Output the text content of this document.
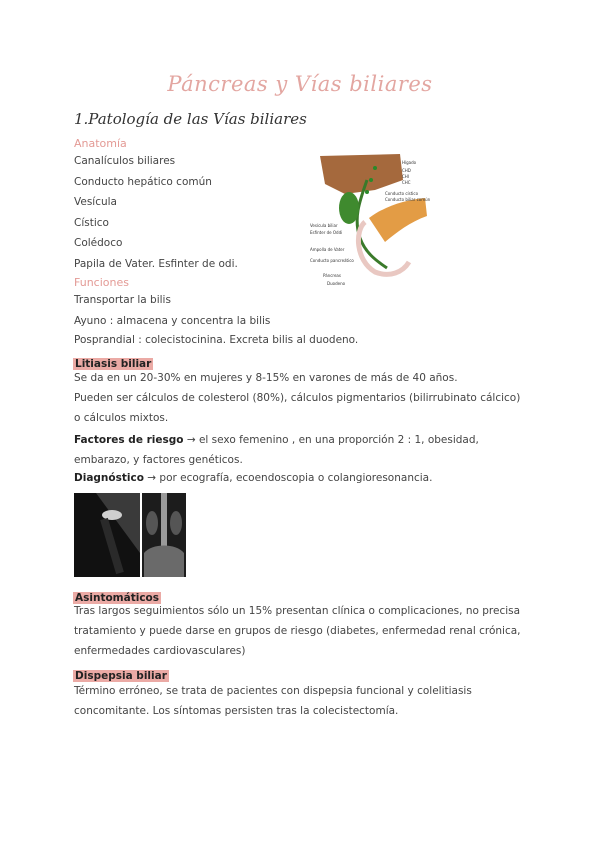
Páncreas y Vías biliares
1.Patología de las Vías biliares
Anatomía
Canalículos biliares
Conducto hepático común
Vesícula
Cístico
Colédoco
Papila de Vater. Esfinter de odi.
Hígado
CHD
CHI
CHC
Conducto cístico
Conducto biliar común
Vesícula biliar
Esfínter de Oddi
Ampolla de Vater
Conducto pancreático
Páncreas
Duodeno
Funciones
Transportar la bilis
Ayuno : almacena y concentra la bilis
Posprandial : colecistocinina. Excreta bilis al duodeno.
Litiasis biliar
Se da en un 20-30% en mujeres y 8-15% en varones de más de 40 años.
Pueden ser cálculos de colesterol (80%), cálculos pigmentarios (bilirrubinato cálcico) o cálculos mixtos.
Factores de riesgo → el sexo femenino , en una proporción 2 : 1, obesidad, embarazo, y factores genéticos.
Diagnóstico → por ecografía, ecoendoscopia o colangioresonancia.
Asintomáticos
Tras largos seguimientos sólo un 15% presentan clínica o complicaciones, no precisa tratamiento y puede darse en grupos de riesgo (diabetes, enfermedad renal crónica, enfermedades cardiovasculares)
Dispepsia biliar
Término erróneo, se trata de pacientes con dispepsia funcional y colelitiasis concomitante. Los síntomas persisten tras la colecistectomía.
